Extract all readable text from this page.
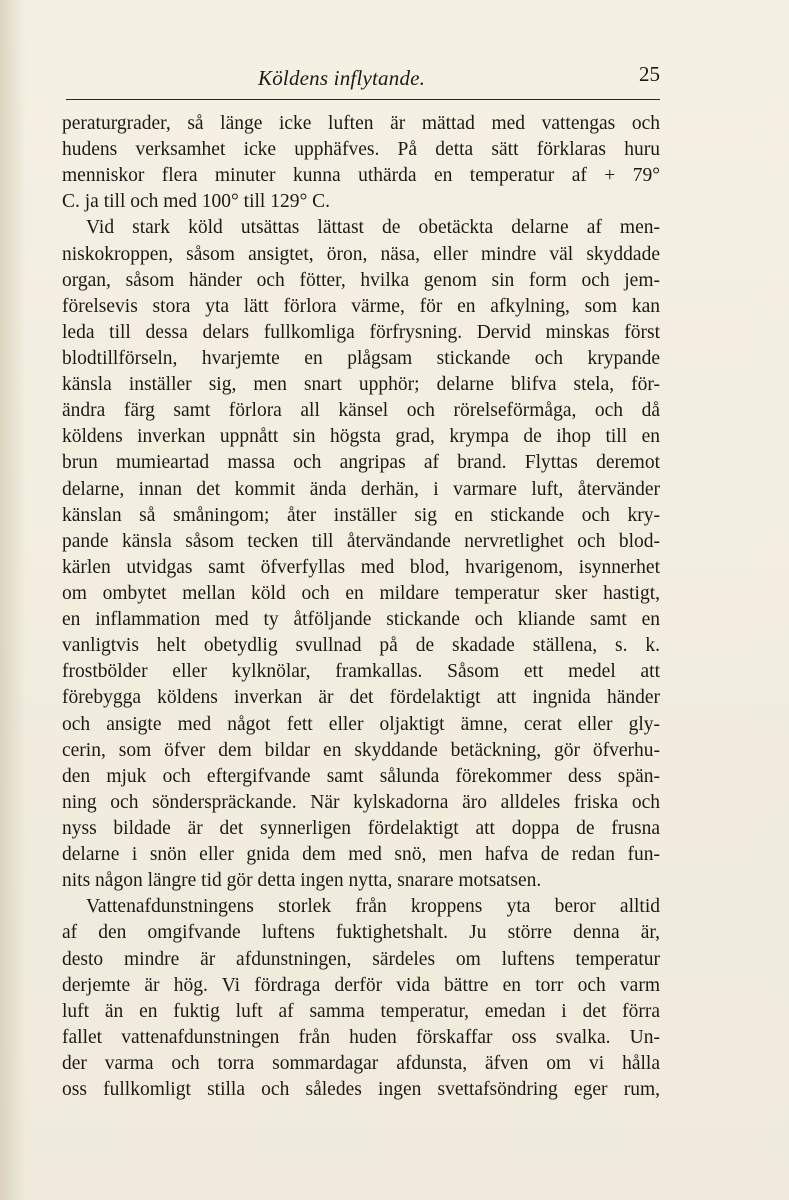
Köldens inflytande.	25
peraturgrader, så länge icke luften är mättad med vattengas och
hudens verksamhet icke upphäfves. På detta sätt förklaras huru
menniskor flera minuter kunna uthärda en temperatur af + 79°
C. ja till och med 100° till 129° C.
Vid stark köld utsättas lättast de obetäckta delarne af men-
niskokroppen, såsom ansigtet, öron, näsa, eller mindre väl skyddade
organ, såsom händer och fötter, hvilka genom sin form och jem-
förelsevis stora yta lätt förlora värme, för en afkylning, som kan
leda till dessa delars fullkomliga förfrysning. Dervid minskas först
blodtillförseln, hvarjemte en plågsam stickande och krypande
känsla inställer sig, men snart upphör; delarne blifva stela, för-
ändra färg samt förlora all känsel och rörelseförmåga, och då
köldens inverkan uppnått sin högsta grad, krympa de ihop till en
brun mumieartad massa och angripas af brand. Flyttas deremot
delarne, innan det kommit ända derhän, i varmare luft, återvänder
känslan så småningom; åter inställer sig en stickande och kry-
pande känsla såsom tecken till återvändande nervretlighet och blod-
kärlen utvidgas samt öfverfyllas med blod, hvarigenom, isynnerhet
om ombytet mellan köld och en mildare temperatur sker hastigt,
en inflammation med ty åtföljande stickande och kliande samt en
vanligtvis helt obetydlig svullnad på de skadade ställena, s. k.
frostbölder eller kylknölar, framkallas. Såsom ett medel att
förebygga köldens inverkan är det fördelaktigt att ingnida händer
och ansigte med något fett eller oljaktigt ämne, cerat eller gly-
cerin, som öfver dem bildar en skyddande betäckning, gör öfverhu-
den mjuk och eftergifvande samt sålunda förekommer dess spän-
ning och sönderspräckande. När kylskadorna äro alldeles friska och
nyss bildade är det synnerligen fördelaktigt att doppa de frusna
delarne i snön eller gnida dem med snö, men hafva de redan fun-
nits någon längre tid gör detta ingen nytta, snarare motsatsen.
Vattenafdunstningens storlek från kroppens yta beror alltid
af den omgifvande luftens fuktighetshalt. Ju större denna är,
desto mindre är afdunstningen, särdeles om luftens temperatur
derjemte är hög. Vi fördraga derför vida bättre en torr och varm
luft än en fuktig luft af samma temperatur, emedan i det förra
fallet vattenafdunstningen från huden förskaffar oss svalka. Un-
der varma och torra sommardagar afdunsta, äfven om vi hålla
oss fullkomligt stilla och således ingen svettafsöndring eger rum,
